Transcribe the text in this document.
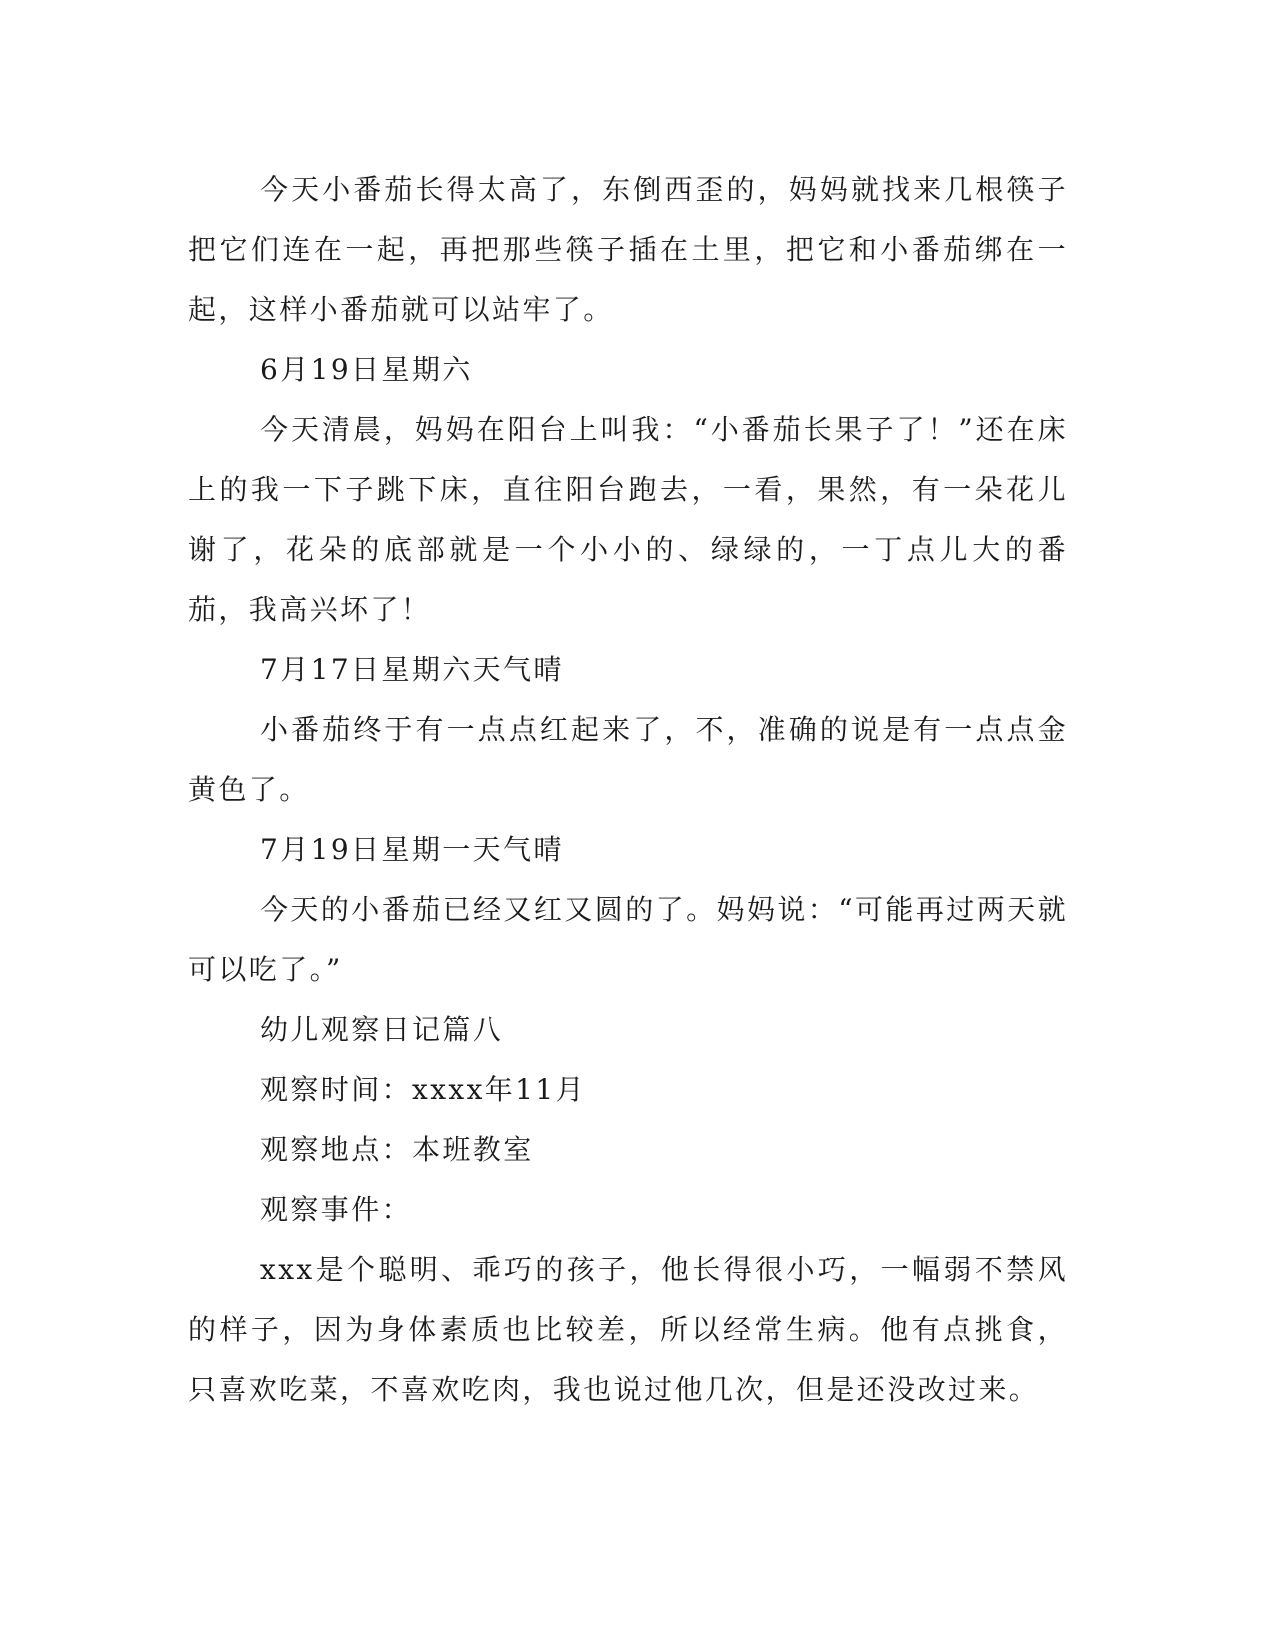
今天小番茄长得太高了，东倒西歪的，妈妈就找来几根筷子把它们连在一起，再把那些筷子插在土里，把它和小番茄绑在一起，这样小番茄就可以站牢了。

6月19日星期六

今天清晨，妈妈在阳台上叫我：“小番茄长果子了！”还在床上的我一下子跳下床，直往阳台跑去，一看，果然，有一朵花儿谢了，花朵的底部就是一个小小的、绿绿的，一丁点儿大的番茄，我高兴坏了！

7月17日星期六天气晴

小番茄终于有一点点红起来了，不，准确的说是有一点点金黄色了。

7月19日星期一天气晴

今天的小番茄已经又红又圆的了。妈妈说：“可能再过两天就可以吃了。”

幼儿观察日记篇八

观察时间：xxxx年11月

观察地点：本班教室

观察事件：

xxx是个聪明、乖巧的孩子，他长得很小巧，一幅弱不禁风的样子，因为身体素质也比较差，所以经常生病。他有点挑食，只喜欢吃菜，不喜欢吃肉，我也说过他几次，但是还没改过来。
